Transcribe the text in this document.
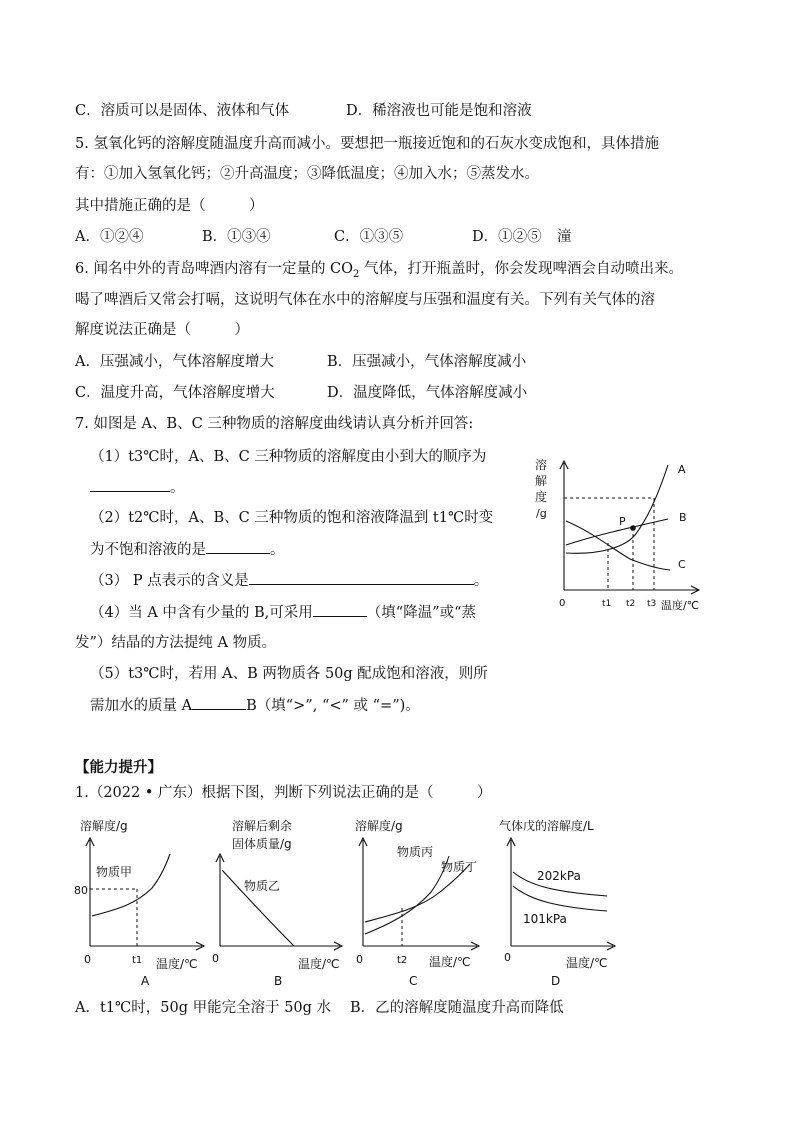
C．溶质可以是固体、液体和气体	D．稀溶液也可能是饱和溶液
5. 氢氧化钙的溶解度随温度升高而减小。要想把一瓶接近饱和的石灰水变成饱和，具体措施
有：①加入氢氧化钙；②升高温度；③降低温度；④加入水；⑤蒸发水。
其中措施正确的是（　　　）
A．①②④	B．①③④	C．①③⑤	D．①②⑤ 潼
6. 闻名中外的青岛啤酒内溶有一定量的 $CO_2$ 气体，打开瓶盖时，你会发现啤酒会自动喷出来。
喝了啤酒后又常会打嗝，这说明气体在水中的溶解度与压强和温度有关。下列有关气体的溶
解度说法正确是（　　　）
A．压强减小，气体溶解度增大	B．压强减小，气体溶解度减小
C．温度升高，气体溶解度增大	D．温度降低，气体溶解度减小
7. 如图是 A、B、C 三种物质的溶解度曲线请认真分析并回答:
（1）t3℃时，A、B、C 三种物质的溶解度由小到大的顺序为
。
（2）t2℃时，A、B、C 三种物质的饱和溶液降温到 t1℃时变
为不饱和溶液的是	。
（3） P 点表示的含义是	。
（4）当 A 中含有少量的 B,可采用	（填“降温”或“蒸
发”）结晶的方法提纯 A 物质。
（5）t3℃时，若用 A、B 两物质各 50g 配成饱和溶液，则所
需加水的质量 A	B（填“>”, “<” 或 “=”)。
溶
解
度
/g
P
A
B
C
0	t1 t2 t3 温度/℃
【能力提升】
1.（2022 • 广东）根据下图，判断下列说法正确的是（　　　）
溶解度/g
物质甲
80
0	t1 温度/℃
A
溶解后剩余
固体质量/g
物质乙
0	温度/℃
B
溶解度/g
物质丙
物质丁
0	t2 温度/℃
C
气体戊的溶解度/L
202kPa
101kPa
0	温度/℃
D
A．t1℃时，50g 甲能完全溶于 50g 水 B．乙的溶解度随温度升高而降低
